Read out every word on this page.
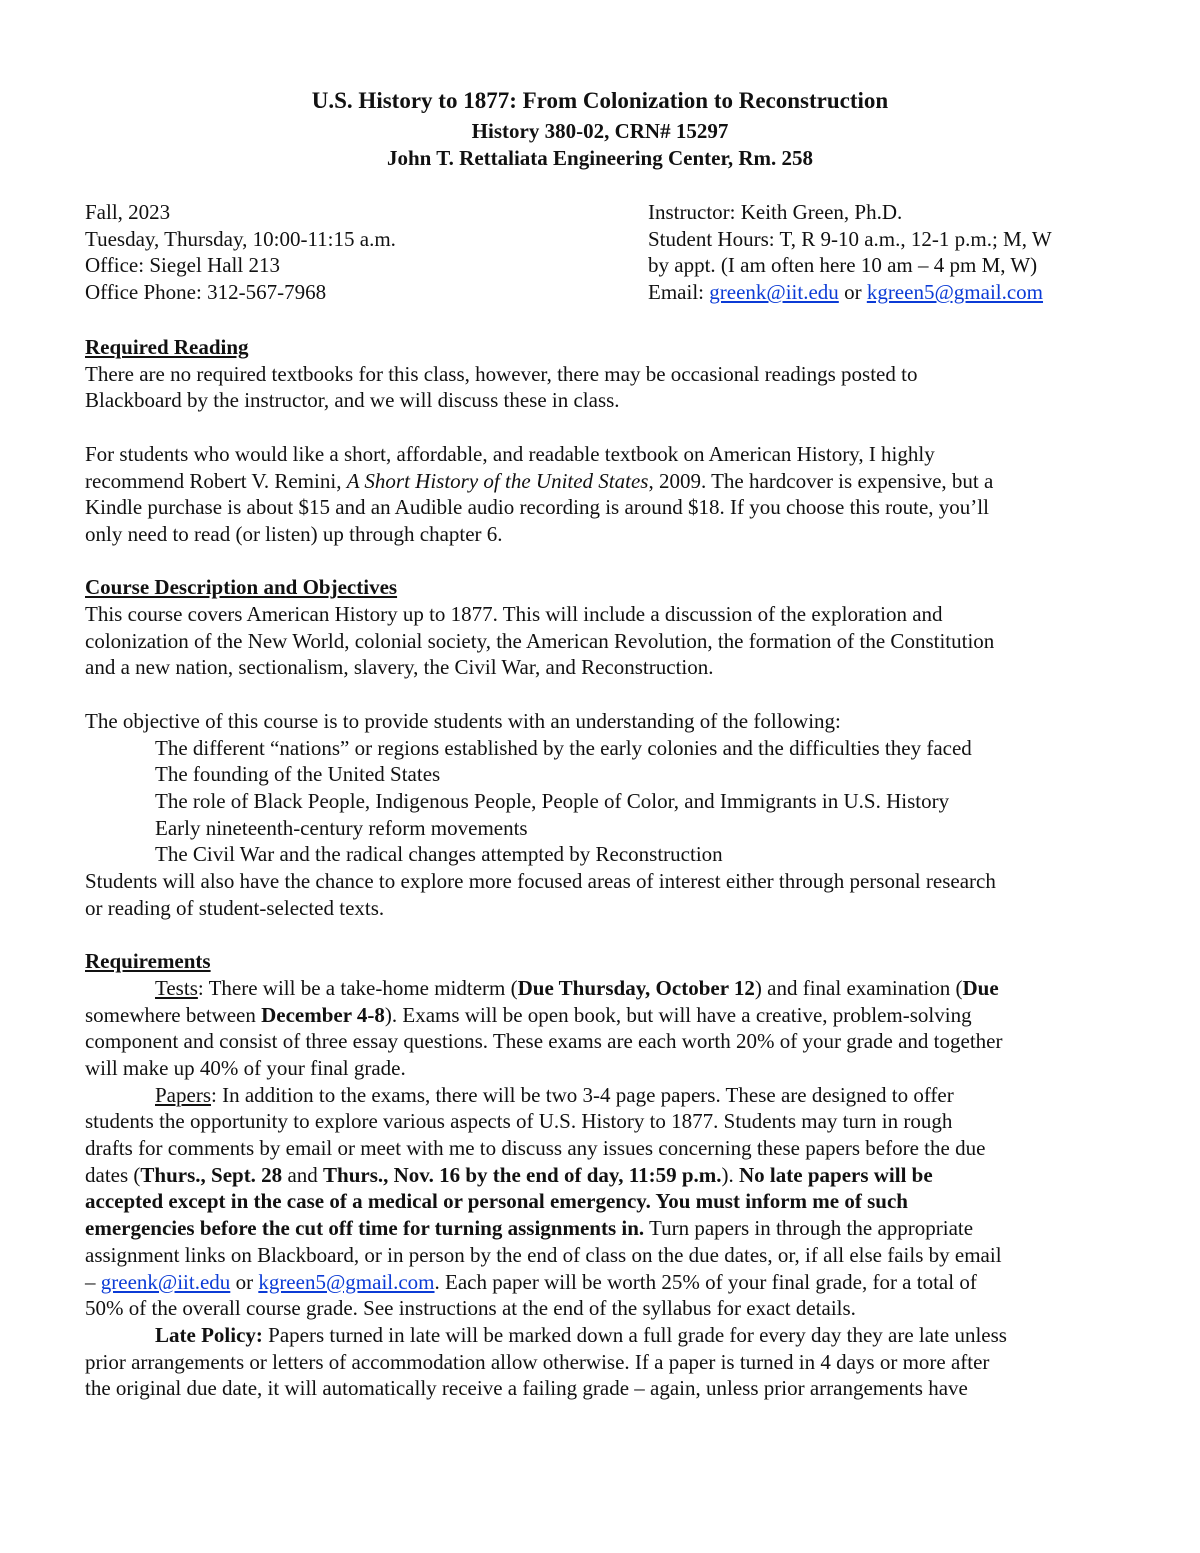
U.S. History to 1877: From Colonization to Reconstruction
History 380-02, CRN# 15297
John T. Rettaliata Engineering Center, Rm. 258
Fall, 2023
Tuesday, Thursday, 10:00-11:15 a.m.
Office: Siegel Hall 213
Office Phone: 312-567-7968
Instructor: Keith Green, Ph.D.
Student Hours: T, R 9-10 a.m., 12-1 p.m.; M, W
by appt. (I am often here 10 am – 4 pm M, W)
Email: greenk@iit.edu or kgreen5@gmail.com
Required Reading
There are no required textbooks for this class, however, there may be occasional readings posted to
Blackboard by the instructor, and we will discuss these in class.
For students who would like a short, affordable, and readable textbook on American History, I highly
recommend Robert V. Remini, A Short History of the United States, 2009. The hardcover is expensive, but a
Kindle purchase is about $15 and an Audible audio recording is around $18. If you choose this route, you’ll
only need to read (or listen) up through chapter 6.
Course Description and Objectives
This course covers American History up to 1877. This will include a discussion of the exploration and
colonization of the New World, colonial society, the American Revolution, the formation of the Constitution
and a new nation, sectionalism, slavery, the Civil War, and Reconstruction.
The objective of this course is to provide students with an understanding of the following:
The different “nations” or regions established by the early colonies and the difficulties they faced
The founding of the United States
The role of Black People, Indigenous People, People of Color, and Immigrants in U.S. History
Early nineteenth-century reform movements
The Civil War and the radical changes attempted by Reconstruction
Students will also have the chance to explore more focused areas of interest either through personal research
or reading of student-selected texts.
Requirements
Tests: There will be a take-home midterm (Due Thursday, October 12) and final examination (Due
somewhere between December 4-8). Exams will be open book, but will have a creative, problem-solving
component and consist of three essay questions. These exams are each worth 20% of your grade and together
will make up 40% of your final grade.
Papers: In addition to the exams, there will be two 3-4 page papers. These are designed to offer
students the opportunity to explore various aspects of U.S. History to 1877. Students may turn in rough
drafts for comments by email or meet with me to discuss any issues concerning these papers before the due
dates (Thurs., Sept. 28 and Thurs., Nov. 16 by the end of day, 11:59 p.m.). No late papers will be
accepted except in the case of a medical or personal emergency. You must inform me of such
emergencies before the cut off time for turning assignments in. Turn papers in through the appropriate
assignment links on Blackboard, or in person by the end of class on the due dates, or, if all else fails by email
– greenk@iit.edu or kgreen5@gmail.com. Each paper will be worth 25% of your final grade, for a total of
50% of the overall course grade. See instructions at the end of the syllabus for exact details.
Late Policy: Papers turned in late will be marked down a full grade for every day they are late unless
prior arrangements or letters of accommodation allow otherwise. If a paper is turned in 4 days or more after
the original due date, it will automatically receive a failing grade – again, unless prior arrangements have
